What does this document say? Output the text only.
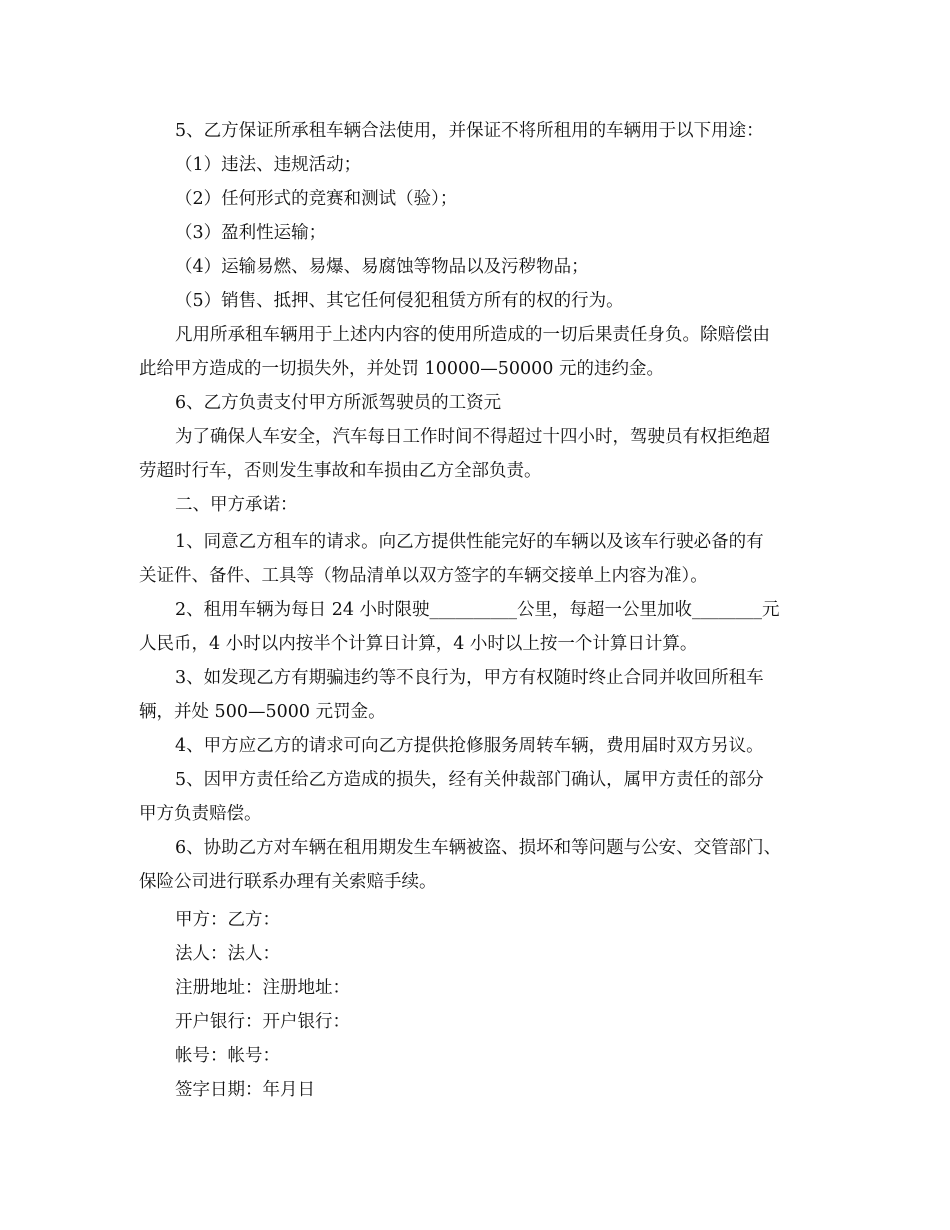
5、乙方保证所承租车辆合法使用，并保证不将所租用的车辆用于以下用途：
（1）违法、违规活动；
（2）任何形式的竞赛和测试（验）；
（3）盈利性运输；
（4）运输易燃、易爆、易腐蚀等物品以及污秽物品；
（5）销售、抵押、其它任何侵犯租赁方所有的权的行为。
凡用所承租车辆用于上述内内容的使用所造成的一切后果责任身负。除赔偿由
此给甲方造成的一切损失外，并处罚 10000—50000 元的违约金。
6、乙方负责支付甲方所派驾驶员的工资元
为了确保人车安全，汽车每日工作时间不得超过十四小时，驾驶员有权拒绝超
劳超时行车，否则发生事故和车损由乙方全部负责。
二、甲方承诺：
1、同意乙方租车的请求。向乙方提供性能完好的车辆以及该车行驶必备的有
关证件、备件、工具等（物品清单以双方签字的车辆交接单上内容为准）。
2、租用车辆为每日 24 小时限驶__________公里，每超一公里加收________元
人民币，4 小时以内按半个计算日计算，4 小时以上按一个计算日计算。
3、如发现乙方有期骗违约等不良行为，甲方有权随时终止合同并收回所租车
辆，并处 500—5000 元罚金。
4、甲方应乙方的请求可向乙方提供抢修服务周转车辆，费用届时双方另议。
5、因甲方责任给乙方造成的损失，经有关仲裁部门确认，属甲方责任的部分
甲方负责赔偿。
6、协助乙方对车辆在租用期发生车辆被盗、损坏和等问题与公安、交管部门、
保险公司进行联系办理有关索赔手续。
甲方：乙方：
法人：法人：
注册地址：注册地址：
开户银行：开户银行：
帐号：帐号：
签字日期：年月日
